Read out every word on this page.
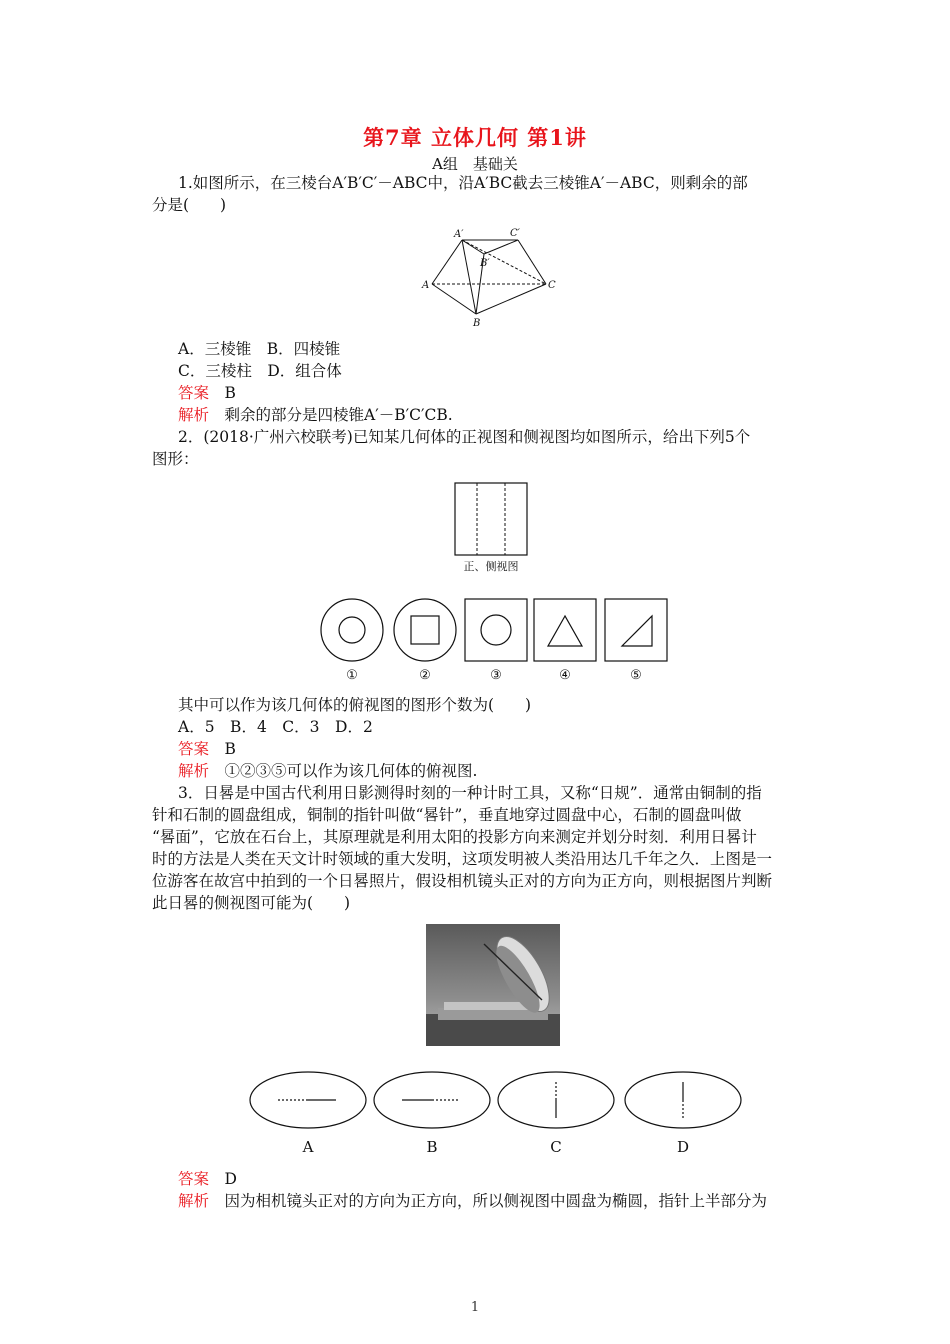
第7章 立体几何 第1讲
A组　基础关
1.如图所示，在三棱台A′B′C′－ABC中，沿A′BC截去三棱锥A′－ABC，则剩余的部
分是(　　)
A′	C′
B′
A	C
B
A．三棱锥　B．四棱锥
C．三棱柱　D．组合体
答案　 B
解析　 剩余的部分是四棱锥A′－B′C′CB.
2．(2018·广州六校联考)已知某几何体的正视图和侧视图均如图所示，给出下列5个
图形：
正、侧视图
①	②	③	④	⑤
其中可以作为该几何体的俯视图的图形个数为(　　)
A．5　B．4　C．3　D．2
答案　 B
解析　 ①②③⑤可以作为该几何体的俯视图.
3．日晷是中国古代利用日影测得时刻的一种计时工具，又称“日规”．通常由铜制的指
针和石制的圆盘组成，铜制的指针叫做“晷针”，垂直地穿过圆盘中心，石制的圆盘叫做
“晷面”，它放在石台上，其原理就是利用太阳的投影方向来测定并划分时刻．利用日晷计
时的方法是人类在天文计时领域的重大发明，这项发明被人类沿用达几千年之久．上图是一
位游客在故宫中拍到的一个日晷照片，假设相机镜头正对的方向为正方向，则根据图片判断
此日晷的侧视图可能为(　　)
A	B	C	D
答案　 D
解析　 因为相机镜头正对的方向为正方向，所以侧视图中圆盘为椭圆，指针上半部分为
1
